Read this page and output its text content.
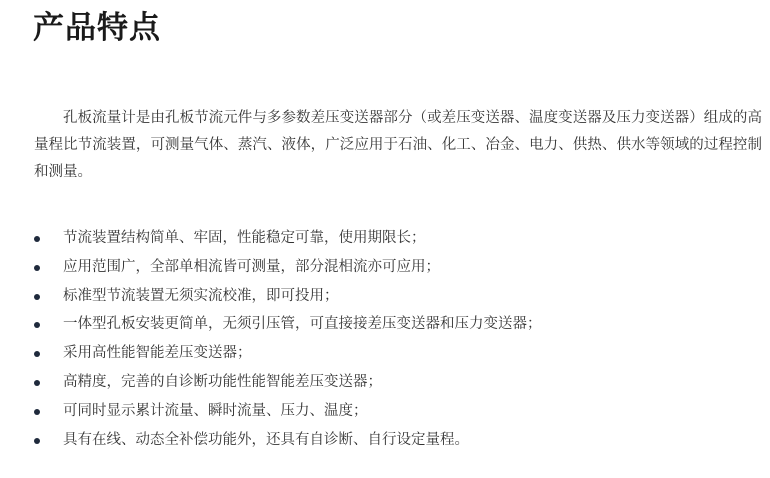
产品特点

孔板流量计是由孔板节流元件与多参数差压变送器部分（或差压变送器、温度变送器及压力变送器）组成的高量程比节流装置，可测量气体、蒸汽、液体，广泛应用于石油、化工、冶金、电力、供热、供水等领域的过程控制和测量。

节流装置结构简单、牢固，性能稳定可靠，使用期限长；
应用范围广，全部单相流皆可测量，部分混相流亦可应用；
标准型节流装置无须实流校准，即可投用；
一体型孔板安装更简单，无须引压管，可直接接差压变送器和压力变送器；
采用高性能智能差压变送器；
高精度，完善的自诊断功能性能智能差压变送器；
可同时显示累计流量、瞬时流量、压力、温度；
具有在线、动态全补偿功能外，还具有自诊断、自行设定量程。
